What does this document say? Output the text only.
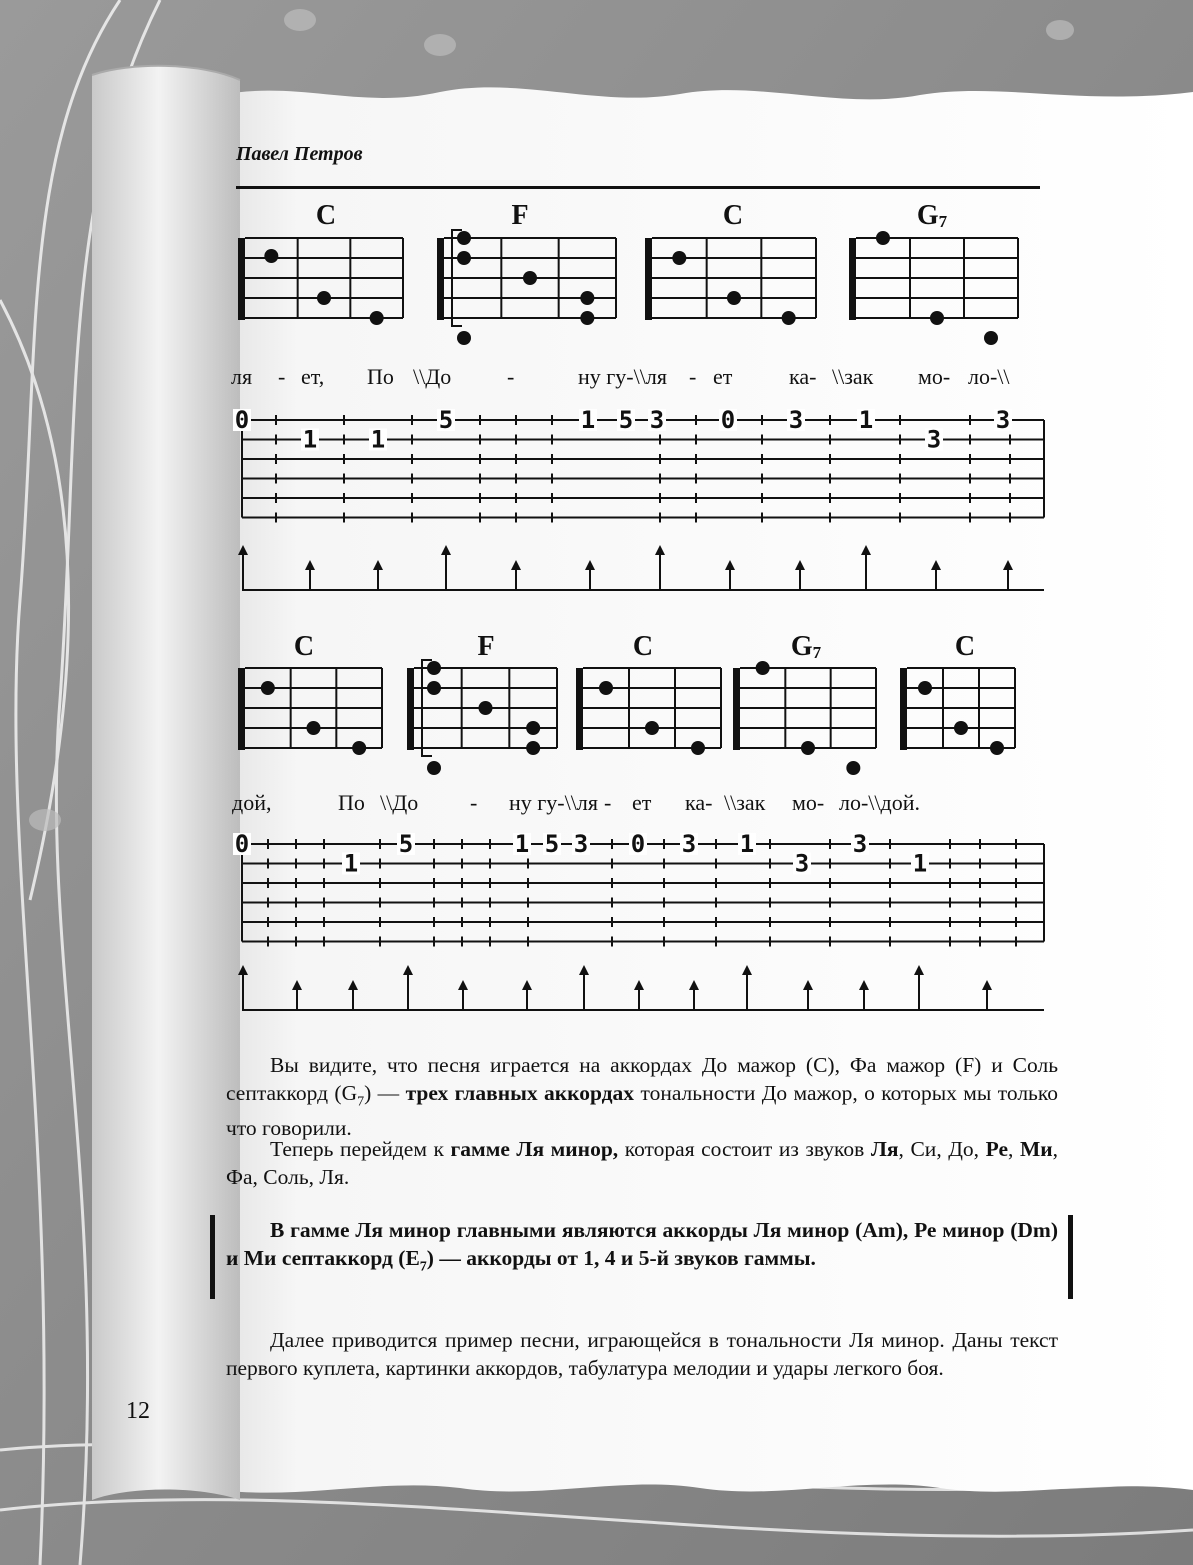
Павел Петров
C	F	C	$G_7$
C	F	C	$G_7$	C
ля - ет, По \\До	-	ну гу-\\ля - ет	ка- \\зак мо- ло-\\
дой,	По \\До - ну гу-\\ля - ет ка- \\зак мо- ло-\\дой.
0
1 1
5	1 5 3 0 3 1
3
3
0
1
5	1 5 3 0 3 1
3
3
1

Вы видите, что песня играется на аккордах До мажор (C), Фа мажор (F) и Соль септаккорд $(G_7)$ — трех главных аккордах тональности До мажор, о которых мы только что говорили.

Теперь перейдем к гамме Ля минор, которая состоит из звуков Ля, Си, До, Ре, Ми, Фа, Соль, Ля.

В гамме Ля минор главными являются аккорды Ля минор (Am), Ре минор (Dm) и Ми септаккорд $(E_7)$ — аккорды от 1, 4 и 5-й звуков гаммы.

Далее приводится пример песни, играющейся в тональности Ля минор. Даны текст первого куплета, картинки аккордов, табулатура мелодии и удары легкого боя.

12
